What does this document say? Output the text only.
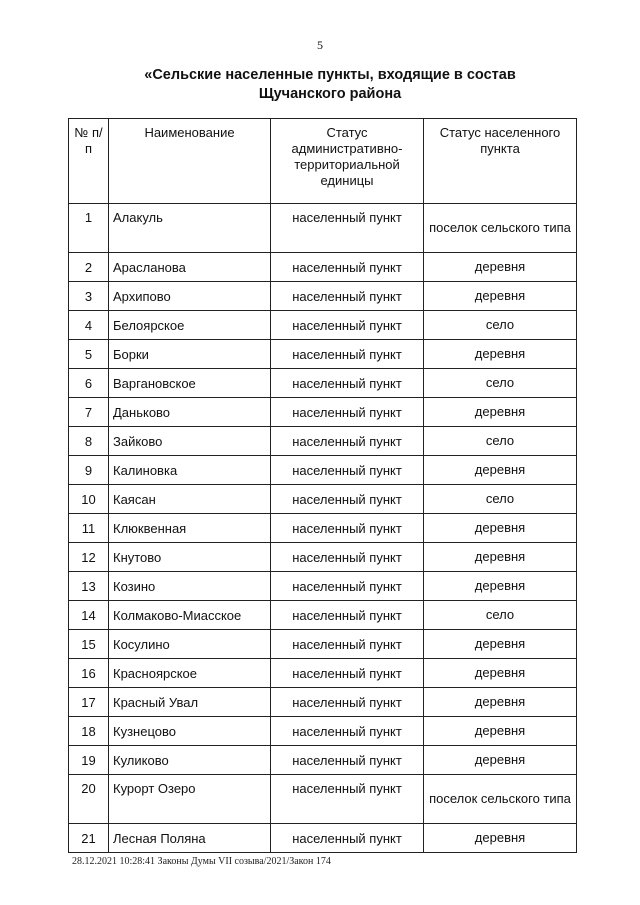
5
«Сельские населенные пункты, входящие в состав
Щучанского района
№ п/п	Наименование	Статус административно-территориальной единицы	Статус населенного пункта
1	Алакуль	населенный пункт	поселок сельского типа
2	Арасланова	населенный пункт	деревня
3	Архипово	населенный пункт	деревня
4	Белоярское	населенный пункт	село
5	Борки	населенный пункт	деревня
6	Варгановское	населенный пункт	село
7	Даньково	населенный пункт	деревня
8	Зайково	населенный пункт	село
9	Калиновка	населенный пункт	деревня
10	Каясан	населенный пункт	село
11	Клюквенная	населенный пункт	деревня
12	Кнутово	населенный пункт	деревня
13	Козино	населенный пункт	деревня
14	Колмаково-Миасское	населенный пункт	село
15	Косулино	населенный пункт	деревня
16	Красноярское	населенный пункт	деревня
17	Красный Увал	населенный пункт	деревня
18	Кузнецово	населенный пункт	деревня
19	Куликово	населенный пункт	деревня
20	Курорт Озеро	населенный пункт	поселок сельского типа
21	Лесная Поляна	населенный пункт	деревня
28.12.2021 10:28:41 Законы Думы VII созыва/2021/Закон 174
